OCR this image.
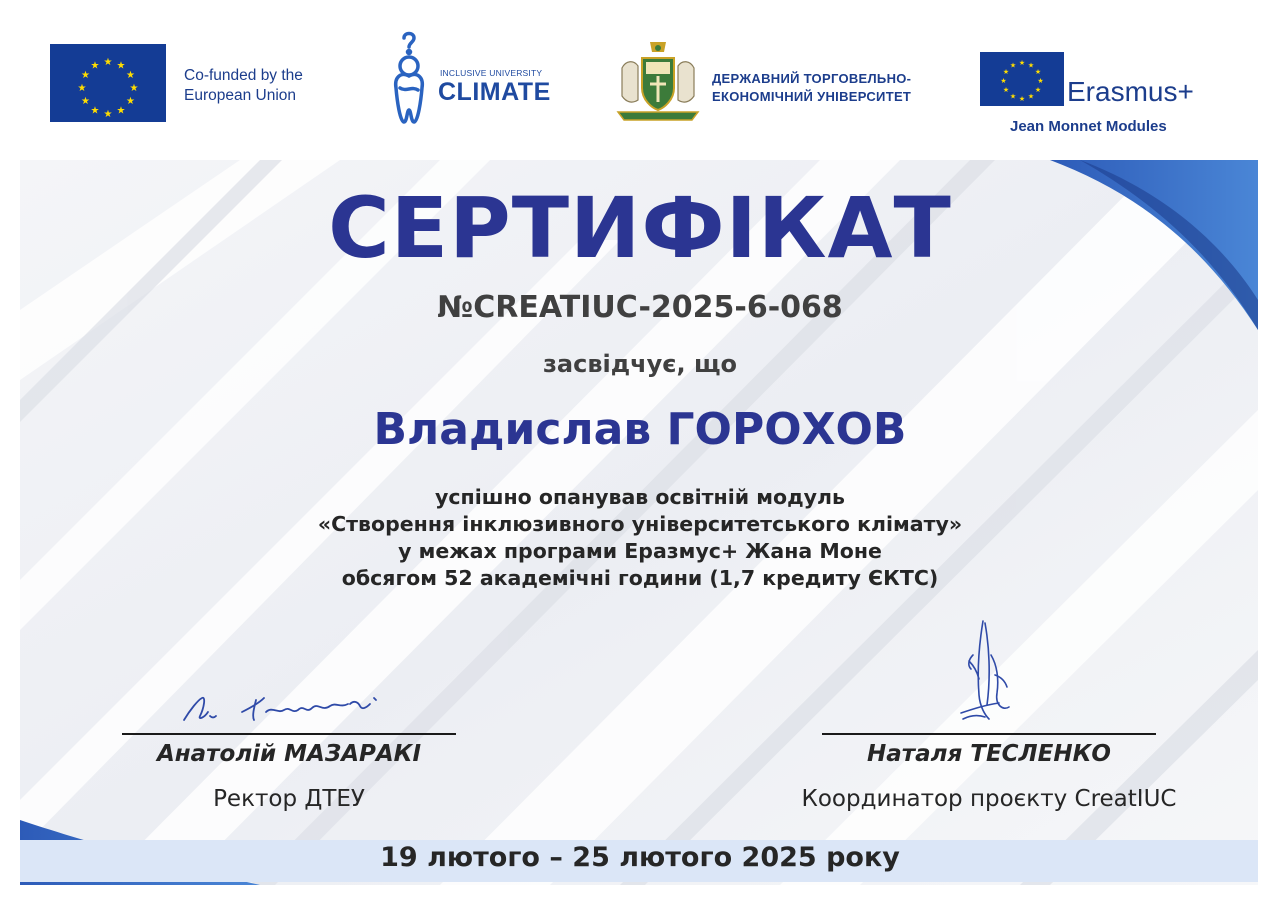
★ ★
★
★
★
★
★
★
★
★
★
★
Co-funded by the
European Union
INCLUSIVE UNIVERSITY
CLIMATE	ДЕРЖАВНИЙ ТОРГОВЕЛЬНО-
ЕКОНОМІЧНИЙ УНІВЕРСИТЕТ
★ ★
★
★
★
★
★
★
★
★
★
★
Erasmus+
Jean Monnet Modules
СЕРТИФІКАТ
№CREATIUC-2025-6-068
засвідчує, що
Владислав ГОРОХОВ
успішно опанував освітній модуль
«Створення інклюзивного університетського клімату»
у межах програми Еразмус+ Жана Моне
обсягом 52 академічні години (1,7 кредиту ЄКТС)
Анатолій МАЗАРАКІ
Ректор ДТЕУ
Наталя ТЕСЛЕНКО
Координатор проєкту CreatIUC
19 лютого – 25 лютого 2025 року
